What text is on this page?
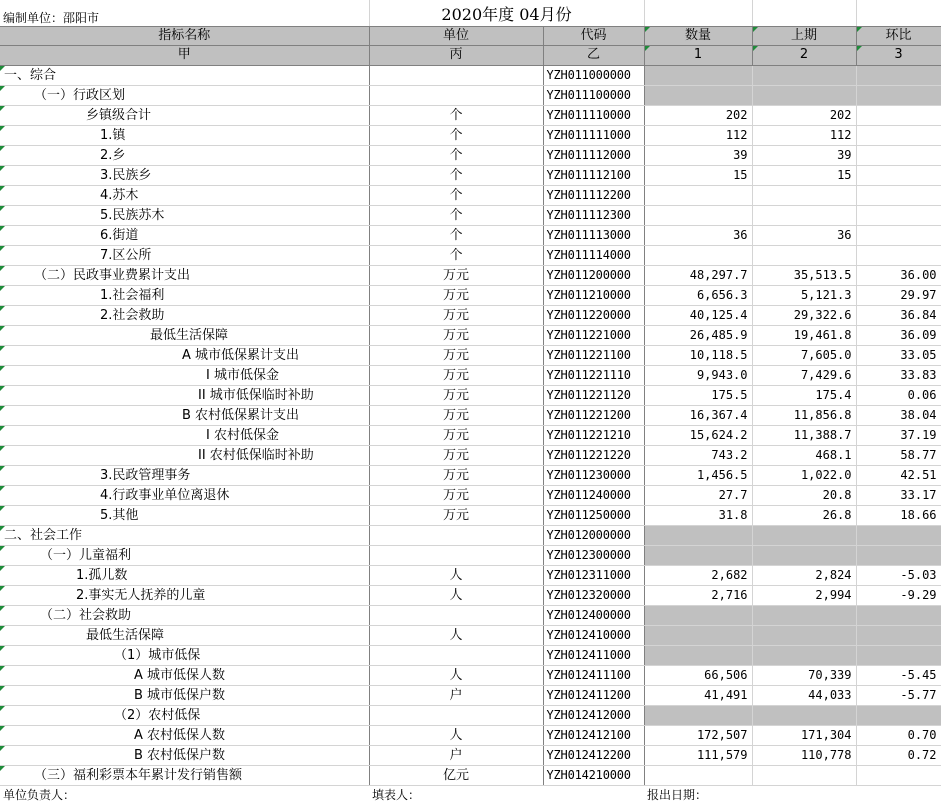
编制单位：邵阳市	2020年度 04月份				
指标名称	单位	代码	数量	上期	环比
甲	丙	乙	1	2	3
一、综合		YZH011000000			
（一）行政区划		YZH011100000			
乡镇级合计	个	YZH011110000	202	202	
1.镇	个	YZH011111000	112	112	
2.乡	个	YZH011112000	39	39	
3.民族乡	个	YZH011112100	15	15	
4.苏木	个	YZH011112200			
5.民族苏木	个	YZH011112300			
6.街道	个	YZH011113000	36	36	
7.区公所	个	YZH011114000			
（二）民政事业费累计支出	万元	YZH011200000	48,297.7	35,513.5	36.00
1.社会福利	万元	YZH011210000	6,656.3	5,121.3	29.97
2.社会救助	万元	YZH011220000	40,125.4	29,322.6	36.84
最低生活保障	万元	YZH011221000	26,485.9	19,461.8	36.09
A 城市低保累计支出	万元	YZH011221100	10,118.5	7,605.0	33.05
I 城市低保金	万元	YZH011221110	9,943.0	7,429.6	33.83
II 城市低保临时补助	万元	YZH011221120	175.5	175.4	0.06
B 农村低保累计支出	万元	YZH011221200	16,367.4	11,856.8	38.04
I 农村低保金	万元	YZH011221210	15,624.2	11,388.7	37.19
II 农村低保临时补助	万元	YZH011221220	743.2	468.1	58.77
3.民政管理事务	万元	YZH011230000	1,456.5	1,022.0	42.51
4.行政事业单位离退休	万元	YZH011240000	27.7	20.8	33.17
5.其他	万元	YZH011250000	31.8	26.8	18.66
二、社会工作		YZH012000000			
（一）儿童福利		YZH012300000			
1.孤儿数	人	YZH012311000	2,682	2,824	-5.03
2.事实无人抚养的儿童	人	YZH012320000	2,716	2,994	-9.29
（二）社会救助		YZH012400000			
最低生活保障	人	YZH012410000			
（1）城市低保		YZH012411000			
A 城市低保人数	人	YZH012411100	66,506	70,339	-5.45
B 城市低保户数	户	YZH012411200	41,491	44,033	-5.77
（2）农村低保		YZH012412000			
A 农村低保人数	人	YZH012412100	172,507	171,304	0.70
B 农村低保户数	户	YZH012412200	111,579	110,778	0.72
（三）福利彩票本年累计发行销售额	亿元	YZH014210000			
单位负责人：	填表人：		报出日期：		
